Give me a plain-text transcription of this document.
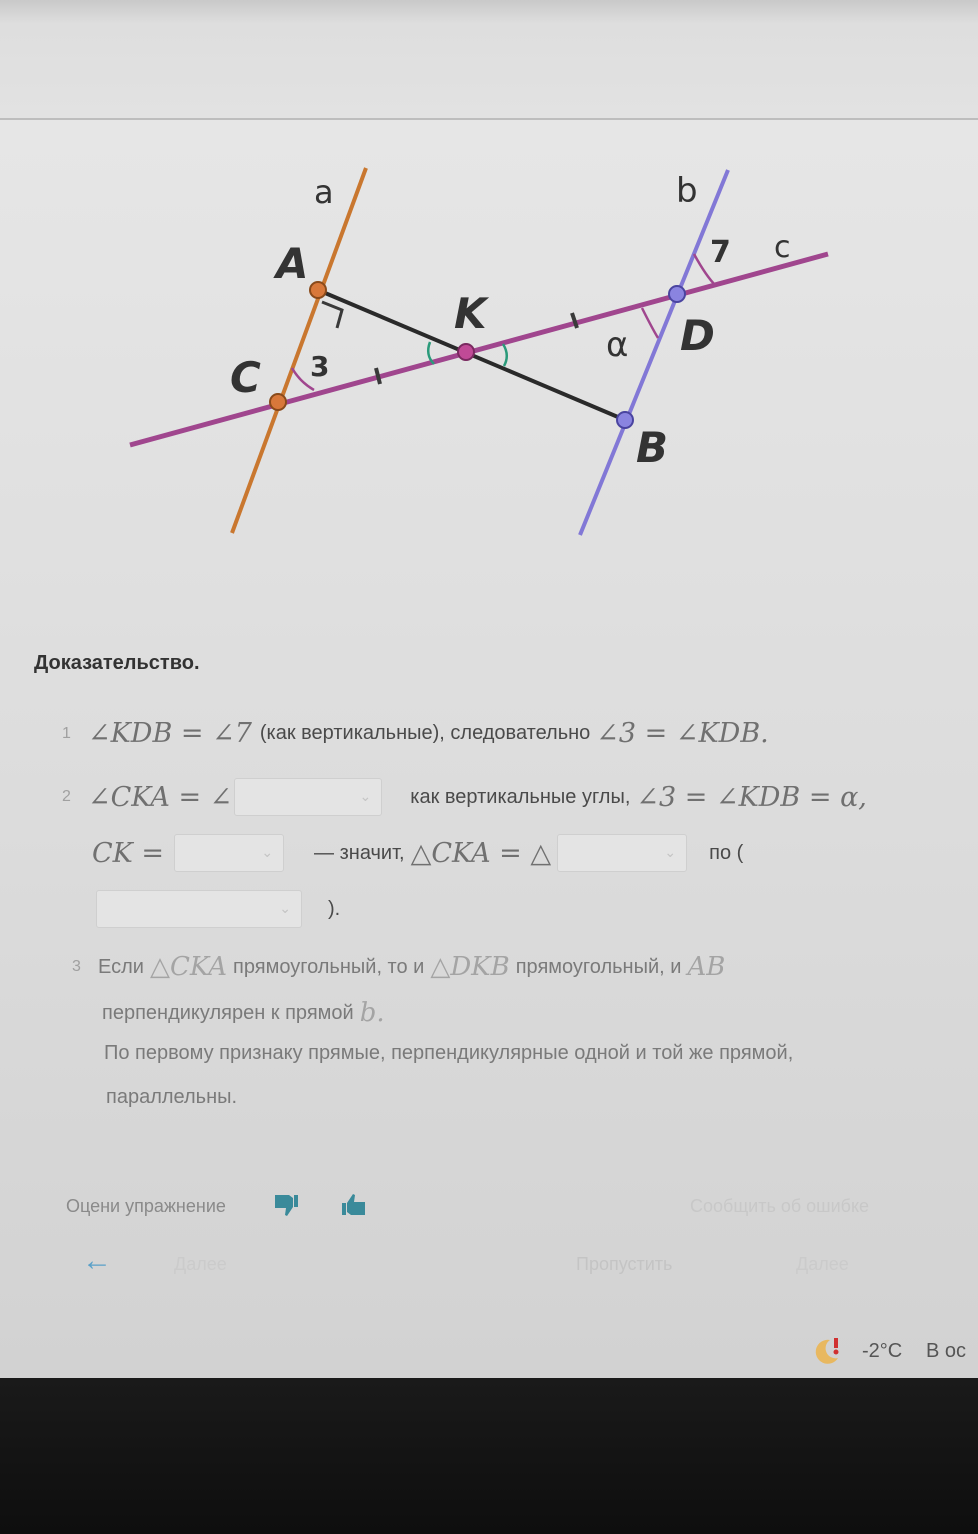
a	b
c
A
K
C
D
B
3
7
α
Доказательство.
1 ∠KDB = ∠7 (как вертикальные), следовательно ∠3 = ∠KDB.
2 ∠CKA = ∠	⌄ как вертикальные углы, ∠3 = ∠KDB = α,
CK =	⌄ — значит, △CKA = △	⌄ по (
⌄ ).
3 Если △CKA прямоугольный, то и △DKB прямоугольный, и AB
перпендикулярен к прямой b.
По первому признаку прямые, перпендикулярные одной и той же прямой,
параллельны.
Оцени упражнение	Сообщить об ошибке
←	Далее	Пропустить	Далее
-2°C В ос
